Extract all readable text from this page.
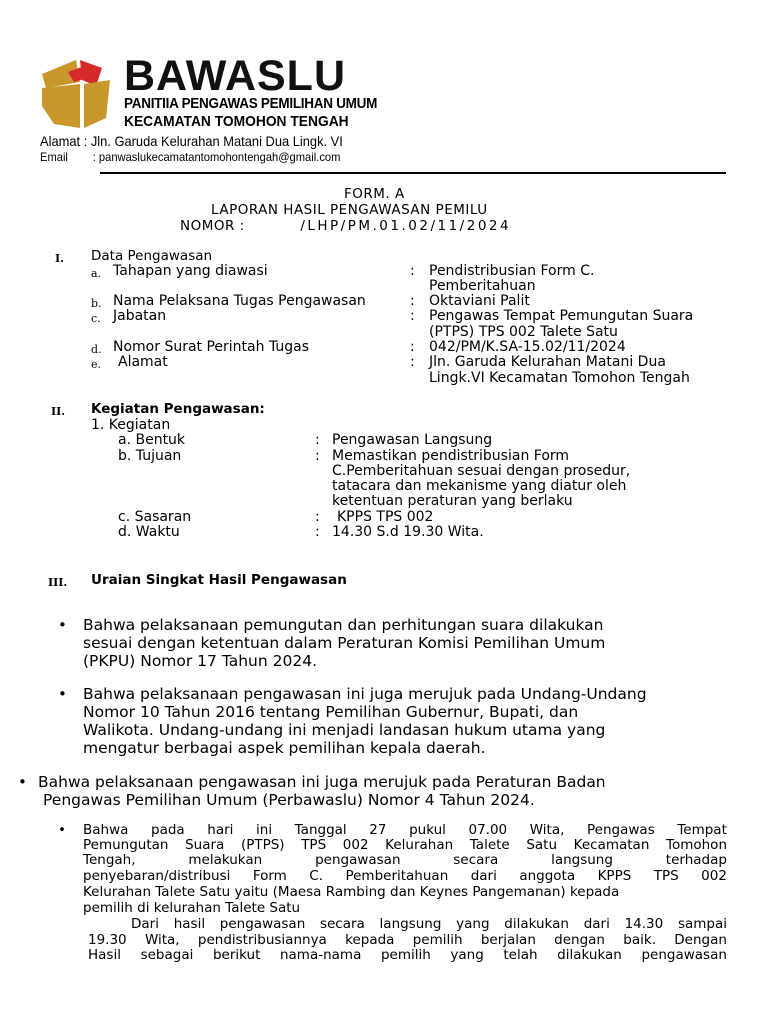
BAWASLU
PANITIIA PENGAWAS PEMILIHAN UMUM
KECAMATAN TOMOHON TENGAH
Alamat : Jln. Garuda Kelurahan Matani Dua Lingk. VI
Email : panwaslukecamatantomohontengah@gmail.com
FORM. A
LAPORAN HASIL PENGAWASAN PEMILU
NOMOR :	/LHP/PM.01.02/11/2024
I. Data Pengawasan
a. Tahapan yang diawasi	: Pendistribusian Form C.
Pemberitahuan
b. Nama Pelaksana Tugas Pengawasan	: Oktaviani Palit
c. Jabatan	: Pengawas Tempat Pemungutan Suara
(PTPS) TPS 002 Talete Satu
d. Nomor Surat Perintah Tugas	: 042/PM/K.SA-15.02/11/2024
e. Alamat	: Jln. Garuda Kelurahan Matani Dua
Lingk.VI Kecamatan Tomohon Tengah
II. Kegiatan Pengawasan:
1. Kegiatan
a. Bentuk	: Pengawasan Langsung
b. Tujuan	: Memastikan pendistribusian Form
C.Pemberitahuan sesuai dengan prosedur,
tatacara dan mekanisme yang diatur oleh
ketentuan peraturan yang berlaku
c. Sasaran	: KPPS TPS 002
d. Waktu	: 14.30 S.d 19.30 Wita.
III. Uraian Singkat Hasil Pengawasan
• Bahwa pelaksanaan pemungutan dan perhitungan suara dilakukan
sesuai dengan ketentuan dalam Peraturan Komisi Pemilihan Umum
(PKPU) Nomor 17 Tahun 2024.
• Bahwa pelaksanaan pengawasan ini juga merujuk pada Undang-Undang
Nomor 10 Tahun 2016 tentang Pemilihan Gubernur, Bupati, dan
Walikota. Undang-undang ini menjadi landasan hukum utama yang
mengatur berbagai aspek pemilihan kepala daerah.
• Bahwa pelaksanaan pengawasan ini juga merujuk pada Peraturan Badan
Pengawas Pemilihan Umum (Perbawaslu) Nomor 4 Tahun 2024.
• Bahwa pada hari ini Tanggal 27 pukul 07.00 Wita, Pengawas Tempat
Pemungutan Suara (PTPS) TPS 002 Kelurahan Talete Satu Kecamatan Tomohon
Tengah,	melakukan	pengawasan	secara	langsung	terhadap
penyebaran/distribusi Form C. Pemberitahuan dari anggota KPPS TPS 002
Kelurahan Talete Satu yaitu (Maesa Rambing dan Keynes Pangemanan) kepada
pemilih di kelurahan Talete Satu
Dari hasil pengawasan secara langsung yang dilakukan dari 14.30 sampai
19.30 Wita, pendistribusiannya kepada pemilih berjalan dengan baik. Dengan
Hasil sebagai berikut nama-nama pemilih yang telah dilakukan pengawasan
